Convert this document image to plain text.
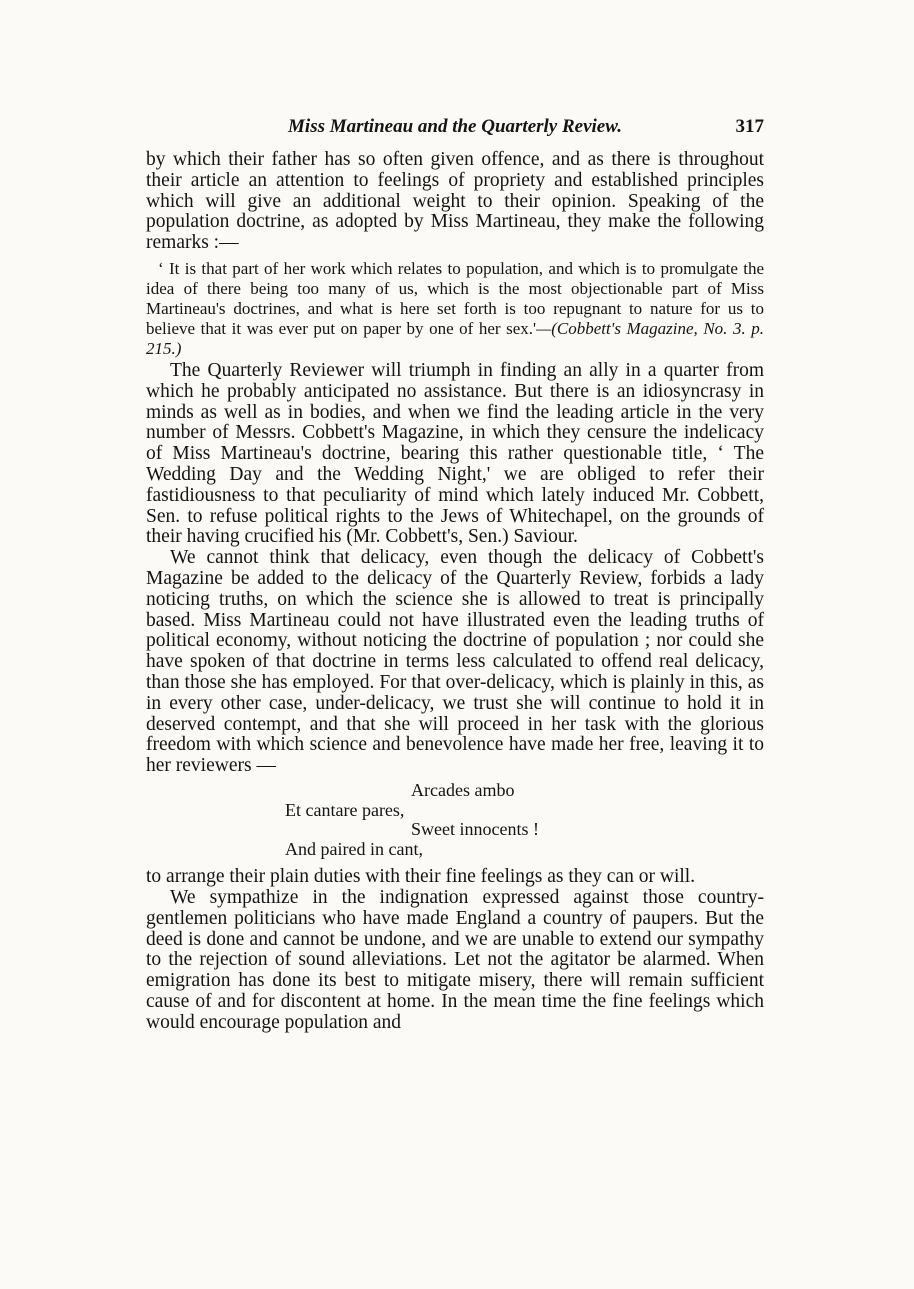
Miss Martineau and the Quarterly Review.	317

by which their father has so often given offence, and as there is throughout their article an attention to feelings of propriety and established principles which will give an additional weight to their opinion. Speaking of the population doctrine, as adopted by Miss Martineau, they make the following remarks :—

‘ It is that part of her work which relates to population, and which is to promulgate the idea of there being too many of us, which is the most objectionable part of Miss Martineau's doctrines, and what is here set forth is too repugnant to nature for us to believe that it was ever put on paper by one of her sex.'—(Cobbett's Magazine, No. 3. p. 215.)

The Quarterly Reviewer will triumph in finding an ally in a quarter from which he probably anticipated no assistance. But there is an idiosyncrasy in minds as well as in bodies, and when we find the leading article in the very number of Messrs. Cobbett's Magazine, in which they censure the indelicacy of Miss Martineau's doctrine, bearing this rather questionable title, ‘ The Wedding Day and the Wedding Night,' we are obliged to refer their fastidiousness to that peculiarity of mind which lately induced Mr. Cobbett, Sen. to refuse political rights to the Jews of Whitechapel, on the grounds of their having crucified his (Mr. Cobbett's, Sen.) Saviour.

We cannot think that delicacy, even though the delicacy of Cobbett's Magazine be added to the delicacy of the Quarterly Review, forbids a lady noticing truths, on which the science she is allowed to treat is principally based. Miss Martineau could not have illustrated even the leading truths of political economy, without noticing the doctrine of population ; nor could she have spoken of that doctrine in terms less calculated to offend real delicacy, than those she has employed. For that over-delicacy, which is plainly in this, as in every other case, under-delicacy, we trust she will continue to hold it in deserved contempt, and that she will proceed in her task with the glorious freedom with which science and benevolence have made her free, leaving it to her reviewers —

Arcades ambo
Et cantare pares,
Sweet innocents !
And paired in cant,

to arrange their plain duties with their fine feelings as they can or will.

We sympathize in the indignation expressed against those country-gentlemen politicians who have made England a country of paupers. But the deed is done and cannot be undone, and we are unable to extend our sympathy to the rejection of sound alleviations. Let not the agitator be alarmed. When emigration has done its best to mitigate misery, there will remain sufficient cause of and for discontent at home. In the mean time the fine feelings which would encourage population and
